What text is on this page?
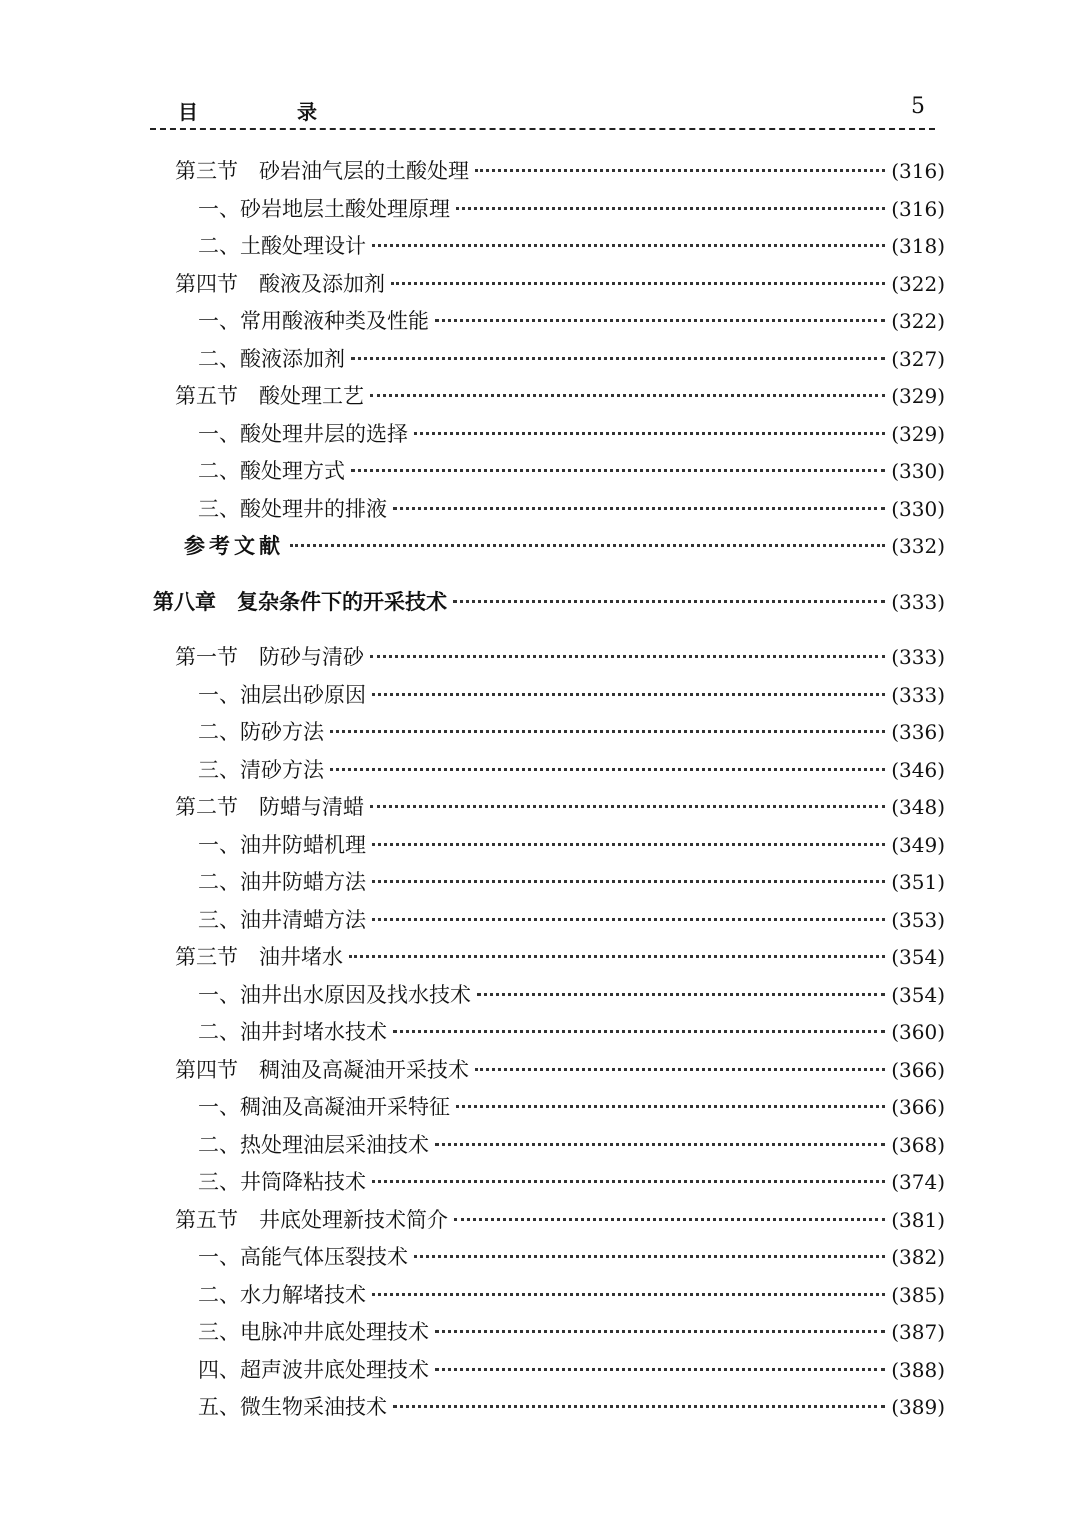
目 录	5
第三节　砂岩油气层的土酸处理	(316)
一、砂岩地层土酸处理原理	(316)
二、土酸处理设计	(318)
第四节　酸液及添加剂	(322)
一、常用酸液种类及性能	(322)
二、酸液添加剂	(327)
第五节　酸处理工艺	(329)
一、酸处理井层的选择	(329)
二、酸处理方式	(330)
三、酸处理井的排液	(330)
参考文献	(332)
第八章　复杂条件下的开采技术	(333)
第一节　防砂与清砂	(333)
一、油层出砂原因	(333)
二、防砂方法	(336)
三、清砂方法	(346)
第二节　防蜡与清蜡	(348)
一、油井防蜡机理	(349)
二、油井防蜡方法	(351)
三、油井清蜡方法	(353)
第三节　油井堵水	(354)
一、油井出水原因及找水技术	(354)
二、油井封堵水技术	(360)
第四节　稠油及高凝油开采技术	(366)
一、稠油及高凝油开采特征	(366)
二、热处理油层采油技术	(368)
三、井筒降粘技术	(374)
第五节　井底处理新技术简介	(381)
一、高能气体压裂技术	(382)
二、水力解堵技术	(385)
三、电脉冲井底处理技术	(387)
四、超声波井底处理技术	(388)
五、微生物采油技术	(389)
